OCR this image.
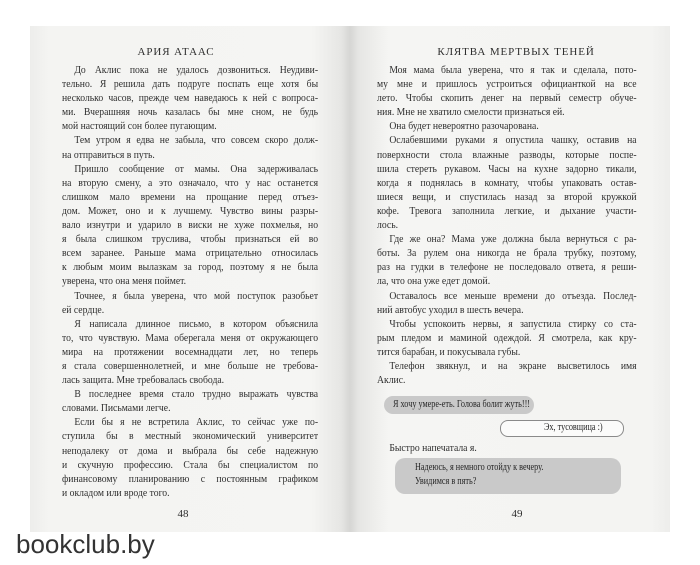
АРИЯ АТААС
До Аклис пока не удалось дозвониться. Неудиви-
тельно. Я решила дать подруге поспать еще хотя бы
несколько часов, прежде чем наведаюсь к ней с вопроса-
ми. Вчерашняя ночь казалась бы мне сном, не будь
мой настоящий сон более пугающим.
Тем утром я едва не забыла, что совсем скоро долж-
на отправиться в путь.
Пришло сообщение от мамы. Она задерживалась
на вторую смену, а это означало, что у нас останется
слишком мало времени на прощание перед отъез-
дом. Может, оно и к лучшему. Чувство вины разры-
вало изнутри и ударило в виски не хуже похмелья, но
я была слишком труслива, чтобы признаться ей во
всем заранее. Раньше мама отрицательно относилась
к любым моим вылазкам за город, поэтому я не была
уверена, что она меня поймет.
Точнее, я была уверена, что мой поступок разобьет
ей сердце.
Я написала длинное письмо, в котором объяснила
то, что чувствую. Мама оберегала меня от окружающего
мира на протяжении восемнадцати лет, но теперь
я стала совершеннолетней, и мне больше не требова-
лась защита. Мне требовалась свобода.
В последнее время стало трудно выражать чувства
словами. Письмами легче.
Если бы я не встретила Аклис, то сейчас уже по-
ступила бы в местный экономический университет
неподалеку от дома и выбрала бы себе надежную
и скучную профессию. Стала бы специалистом по
финансовому планированию с постоянным графиком
и окладом или вроде того.
48
КЛЯТВА МЕРТВЫХ ТЕНЕЙ
Моя мама была уверена, что я так и сделала, пото-
му мне и пришлось устроиться официанткой на все
лето. Чтобы скопить денег на первый семестр обуче-
ния. Мне не хватило смелости признаться ей.
Она будет невероятно разочарована.
Ослабевшими руками я опустила чашку, оставив на
поверхности стола влажные разводы, которые поспе-
шила стереть рукавом. Часы на кухне задорно тикали,
когда я поднялась в комнату, чтобы упаковать остав-
шиеся вещи, и спустилась назад за второй кружкой
кофе. Тревога заполнила легкие, и дыхание участи-
лось.
Где же она? Мама уже должна была вернуться с ра-
боты. За рулем она никогда не брала трубку, поэтому,
раз на гудки в телефоне не последовало ответа, я реши-
ла, что она уже едет домой.
Оставалось все меньше времени до отъезда. Послед-
ний автобус уходил в шесть вечера.
Чтобы успокоить нервы, я запустила стирку со ста-
рым пледом и маминой одеждой. Я смотрела, как кру-
тится барабан, и покусывала губы.
Телефон звякнул, и на экране высветилось имя
Аклис.
Я хочу умере-еть. Голова болит жуть!!!
Эх, тусовщица :)
Быстро напечатала я.
Надеюсь, я немного отойду к вечеру.
Увидимся в пять?
49
bookclub.by
